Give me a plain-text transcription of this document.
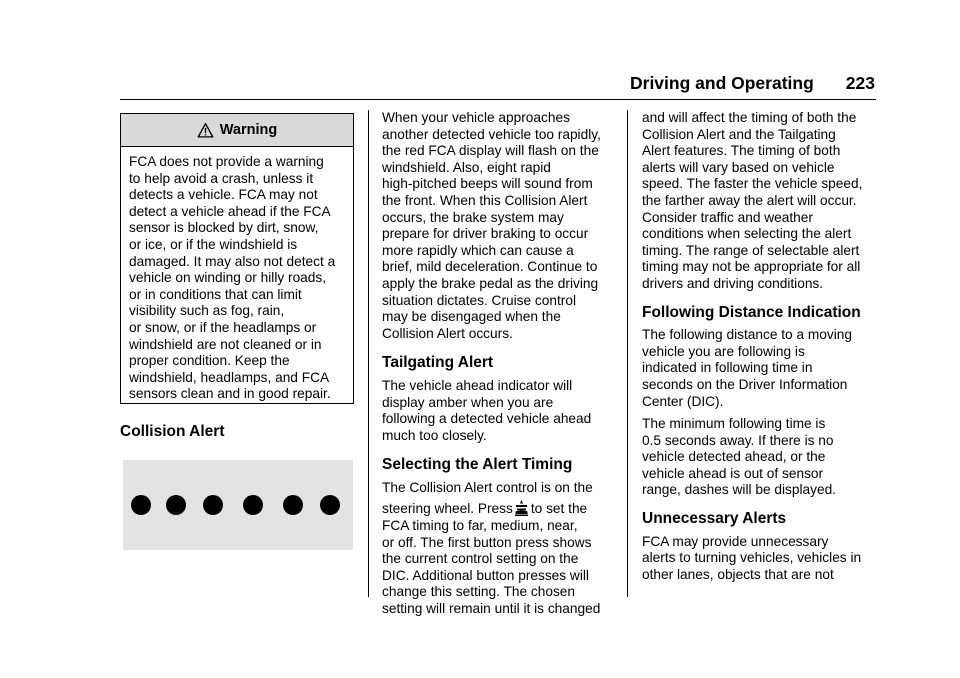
Driving and Operating 223
Warning
FCA does not provide a warning
to help avoid a crash, unless it
detects a vehicle. FCA may not
detect a vehicle ahead if the FCA
sensor is blocked by dirt, snow,
or ice, or if the windshield is
damaged. It may also not detect a
vehicle on winding or hilly roads,
or in conditions that can limit
visibility such as fog, rain,
or snow, or if the headlamps or
windshield are not cleaned or in
proper condition. Keep the
windshield, headlamps, and FCA
sensors clean and in good repair.
Collision Alert

When your vehicle approaches
another detected vehicle too rapidly,
the red FCA display will flash on the
windshield. Also, eight rapid
high-pitched beeps will sound from
the front. When this Collision Alert
occurs, the brake system may
prepare for driver braking to occur
more rapidly which can cause a
brief, mild deceleration. Continue to
apply the brake pedal as the driving
situation dictates. Cruise control
may be disengaged when the
Collision Alert occurs.

Tailgating Alert

The vehicle ahead indicator will
display amber when you are
following a detected vehicle ahead
much too closely.

Selecting the Alert Timing

The Collision Alert control is on the
steering wheel. Press to set the
FCA timing to far, medium, near,
or off. The first button press shows
the current control setting on the
DIC. Additional button presses will
change this setting. The chosen
setting will remain until it is changed

and will affect the timing of both the
Collision Alert and the Tailgating
Alert features. The timing of both
alerts will vary based on vehicle
speed. The faster the vehicle speed,
the farther away the alert will occur.
Consider traffic and weather
conditions when selecting the alert
timing. The range of selectable alert
timing may not be appropriate for all
drivers and driving conditions.

Following Distance Indication

The following distance to a moving
vehicle you are following is
indicated in following time in
seconds on the Driver Information
Center (DIC).

The minimum following time is
0.5 seconds away. If there is no
vehicle detected ahead, or the
vehicle ahead is out of sensor
range, dashes will be displayed.

Unnecessary Alerts

FCA may provide unnecessary
alerts to turning vehicles, vehicles in
other lanes, objects that are not
